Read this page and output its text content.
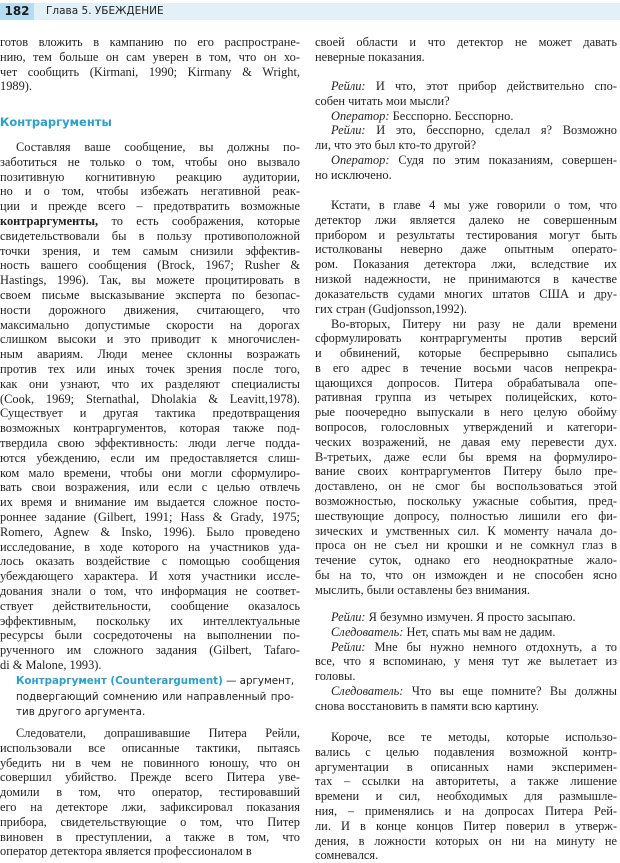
182	Глава 5. УБЕЖДЕНИЕ
готов вложить в кампанию по его распростране-
нию, тем больше он сам уверен в том, что он хо-
чет сообщить (Kirmani, 1990; Kirmany & Wright,
1989).
Контраргументы
Составляя ваше сообщение, вы должны по-
заботиться не только о том, чтобы оно вызвало
позитивную когнитивную реакцию аудитории,
но и о том, чтобы избежать негативной реак-
ции и прежде всего – предотвратить возможные
контраргументы, то есть соображения, которые
свидетельствовали бы в пользу противоположной
точки зрения, и тем самым снизили эффектив-
ность вашего сообщения (Brock, 1967; Rusher &
Hastings, 1996). Так, вы можете процитировать в
своем письме высказывание эксперта по безопас-
ности дорожного движения, считающего, что
максимально допустимые скорости на дорогах
слишком высоки и это приводит к многочислен-
ным авариям. Люди менее склонны возражать
против тех или иных точек зрения после того,
как они узнают, что их разделяют специалисты
(Cook, 1969; Sternathal, Dholakia & Leavitt,1978).
Существует и другая тактика предотвращения
возможных контраргументов, которая также под-
твердила свою эффективность: люди легче подда-
ются убеждению, если им предоставляется слиш-
ком мало времени, чтобы они могли сформулиро-
вать свои возражения, или если с целью отвлечь
их время и внимание им выдается сложное посто-
роннее задание (Gilbert, 1991; Hass & Grady, 1975;
Romero, Agnew & Insko, 1996). Было проведено
исследование, в ходе которого на участников уда-
лось оказать воздействие с помощью сообщения
убеждающего характера. И хотя участники иссле-
дования знали о том, что информация не соответ-
ствует действительности, сообщение оказалось
эффективным, поскольку их интеллектуальные
ресурсы были сосредоточены на выполнении по-
рученного им сложного задания (Gilbert, Tafaro-
di & Malone, 1993).
Контраргумент (Counterargument) — аргумент,
подвергающий сомнению или направленный про-
тив другого аргумента.
Следователи, допрашивавшие Питера Рейли,
использовали все описанные тактики, пытаясь
убедить ни в чем не повинного юношу, что он
совершил убийство. Прежде всего Питера уве-
домили в том, что оператор, тестировавший
его на детекторе лжи, зафиксировал показания
прибора, свидетельствующие о том, что Питер
виновен в преступлении, а также в том, что
оператор детектора является профессионалом в
своей области и что детектор не может давать
неверные показания.
Рейли: И что, этот прибор действительно спо-
собен читать мои мысли?
Оператор: Бесспорно. Бесспорно.
Рейли: И это, бесспорно, сделал я? Возможно
ли, что это был кто-то другой?
Оператор: Судя по этим показаниям, совершен-
но исключено.
Кстати, в главе 4 мы уже говорили о том, что
детектор лжи является далеко не совершенным
прибором и результаты тестирования могут быть
истолкованы неверно даже опытным операто-
ром. Показания детектора лжи, вследствие их
низкой надежности, не принимаются в качестве
доказательств судами многих штатов США и дру-
гих стран (Gudjonsson,1992).
Во-вторых, Питеру ни разу не дали времени
сформулировать контраргументы против версий
и обвинений, которые беспрерывно сыпались
в его адрес в течение восьми часов непрекра-
щающихся допросов. Питера обрабатывала опе-
ративная группа из четырех полицейских, кото-
рые поочередно выпускали в него целую обойму
вопросов, голословных утверждений и категори-
ческих возражений, не давая ему перевести дух.
В-третьих, даже если бы время на формулиро-
вание своих контраргументов Питеру было пре-
доставлено, он не смог бы воспользоваться этой
возможностью, поскольку ужасные события, пред-
шествующие допросу, полностью лишили его фи-
зических и умственных сил. К моменту начала до-
проса он не съел ни крошки и не сомкнул глаз в
течение суток, однако его неоднократные жало-
бы на то, что он изможден и не способен ясно
мыслить, были оставлены без внимания.
Рейли: Я безумно измучен. Я просто засыпаю.
Следователь: Нет, спать мы вам не дадим.
Рейли: Мне бы нужно немного отдохнуть, а то
все, что я вспоминаю, у меня тут же вылетает из
головы.
Следователь: Что вы еще помните? Вы должны
снова восстановить в памяти всю картину.
Короче, все те методы, которые использо-
вались с целью подавления возможной контр-
аргументации в описанных нами эксперимен-
тах – ссылки на авторитеты, а также лишение
времени и сил, необходимых для размышле-
ния, – применялись и на допросах Питера Рей-
ли. И в конце концов Питер поверил в утверж-
дения, в ложности которых он ни на минуту не
сомневался.
